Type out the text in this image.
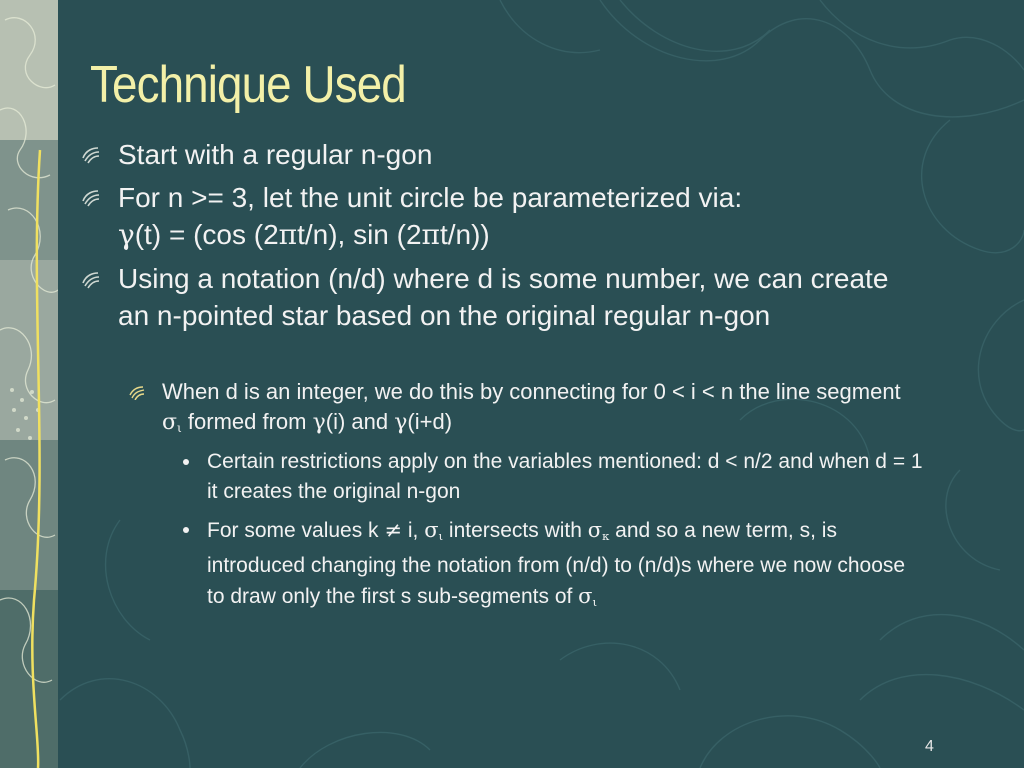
Technique Used
Start with a regular n-gon
For n >= 3, let the unit circle be parameterized via:
γ(t) = (cos (2πt/n), sin (2πt/n))
Using a notation (n/d) where d is some number, we can create an n-pointed star based on the original regular n-gon
When d is an integer, we do this by connecting for 0 < i < n the line segment $\sigma_\iota$ formed from γ(i) and γ(i+d)
Certain restrictions apply on the variables mentioned: d < n/2 and when d = 1 it creates the original n-gon
For some values k ≠ i, $\sigma_\iota$ intersects with $\sigma_\kappa$ and so a new term, s, is introduced changing the notation from (n/d) to (n/d)s where we now choose to draw only the first s sub-segments of $\sigma_\iota$
4
